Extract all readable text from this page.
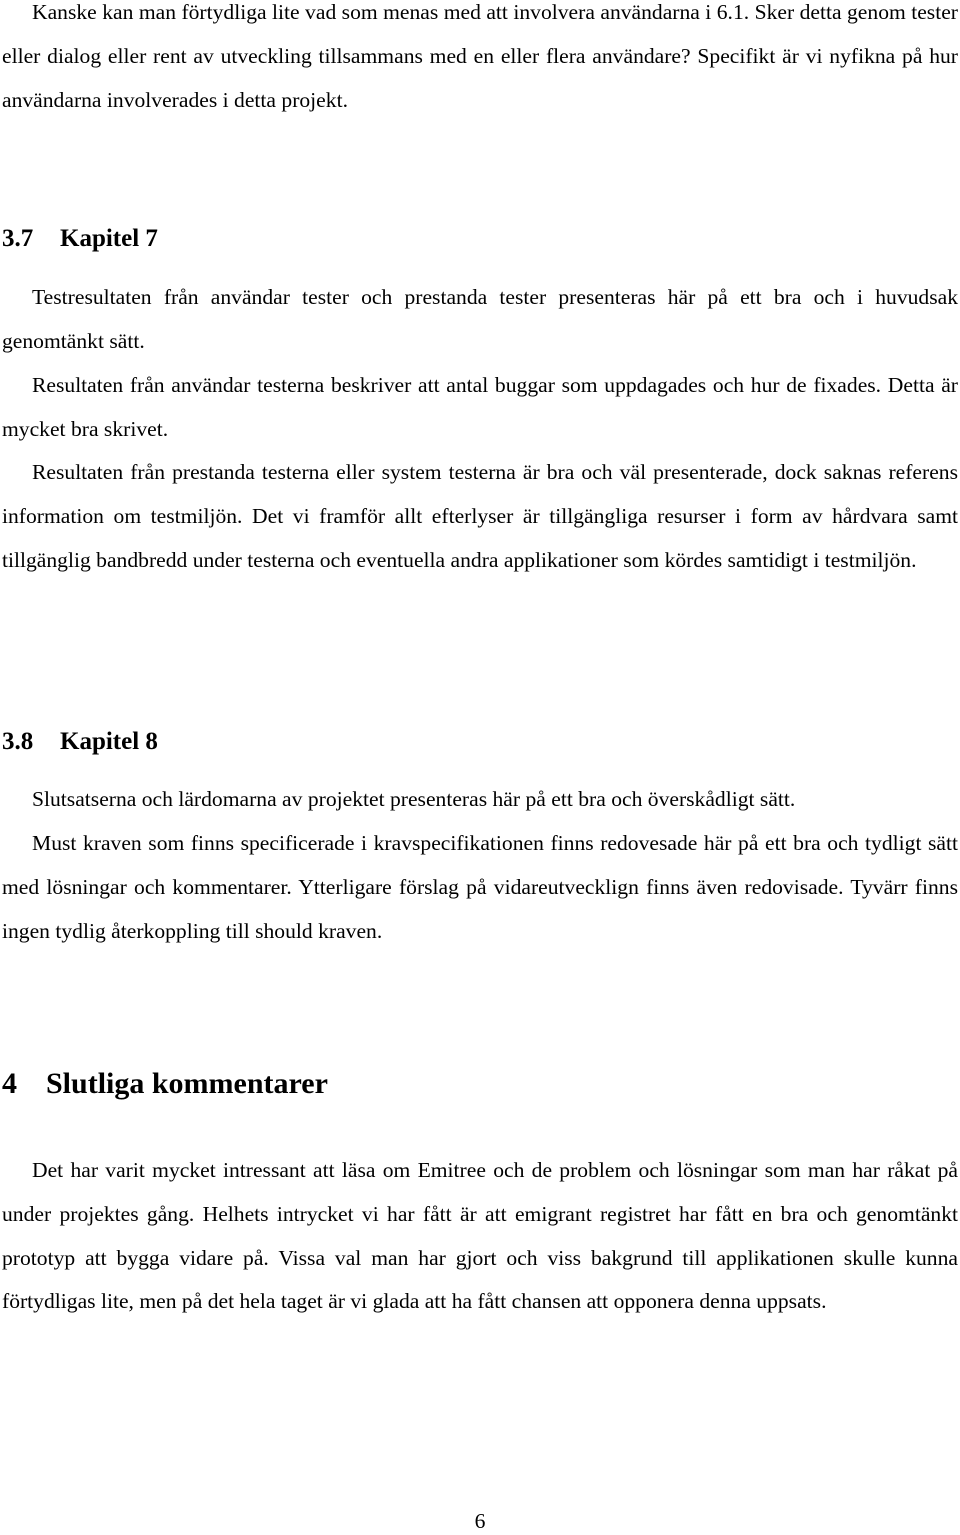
Kanske kan man förtydliga lite vad som menas med att involvera användarna i 6.1. Sker detta genom tester eller dialog eller rent av utveckling tillsammans med en eller flera användare? Specifikt är vi nyfikna på hur användarna involverades i detta projekt.

3.7 Kapitel 7

Testresultaten från användar tester och prestanda tester presenteras här på ett bra och i huvudsak genomtänkt sätt.

Resultaten från användar testerna beskriver att antal buggar som uppdagades och hur de fixades. Detta är mycket bra skrivet.

Resultaten från prestanda testerna eller system testerna är bra och väl presenterade, dock saknas referens information om testmiljön. Det vi framför allt efterlyser är tillgängliga resurser i form av hårdvara samt tillgänglig bandbredd under testerna och eventuella andra applikationer som kördes samtidigt i testmiljön.

3.8 Kapitel 8

Slutsatserna och lärdomarna av projektet presenteras här på ett bra och överskådligt sätt.

Must kraven som finns specificerade i kravspecifikationen finns redovesade här på ett bra och tydligt sätt med lösningar och kommentarer. Ytterligare förslag på vidareutvecklign finns även redovisade. Tyvärr finns ingen tydlig återkoppling till should kraven.

4 Slutliga kommentarer

Det har varit mycket intressant att läsa om Emitree och de problem och lösningar som man har råkat på under projektes gång. Helhets intrycket vi har fått är att emigrant registret har fått en bra och genomtänkt prototyp att bygga vidare på. Vissa val man har gjort och viss bakgrund till applikationen skulle kunna förtydligas lite, men på det hela taget är vi glada att ha fått chansen att opponera denna uppsats.

6
